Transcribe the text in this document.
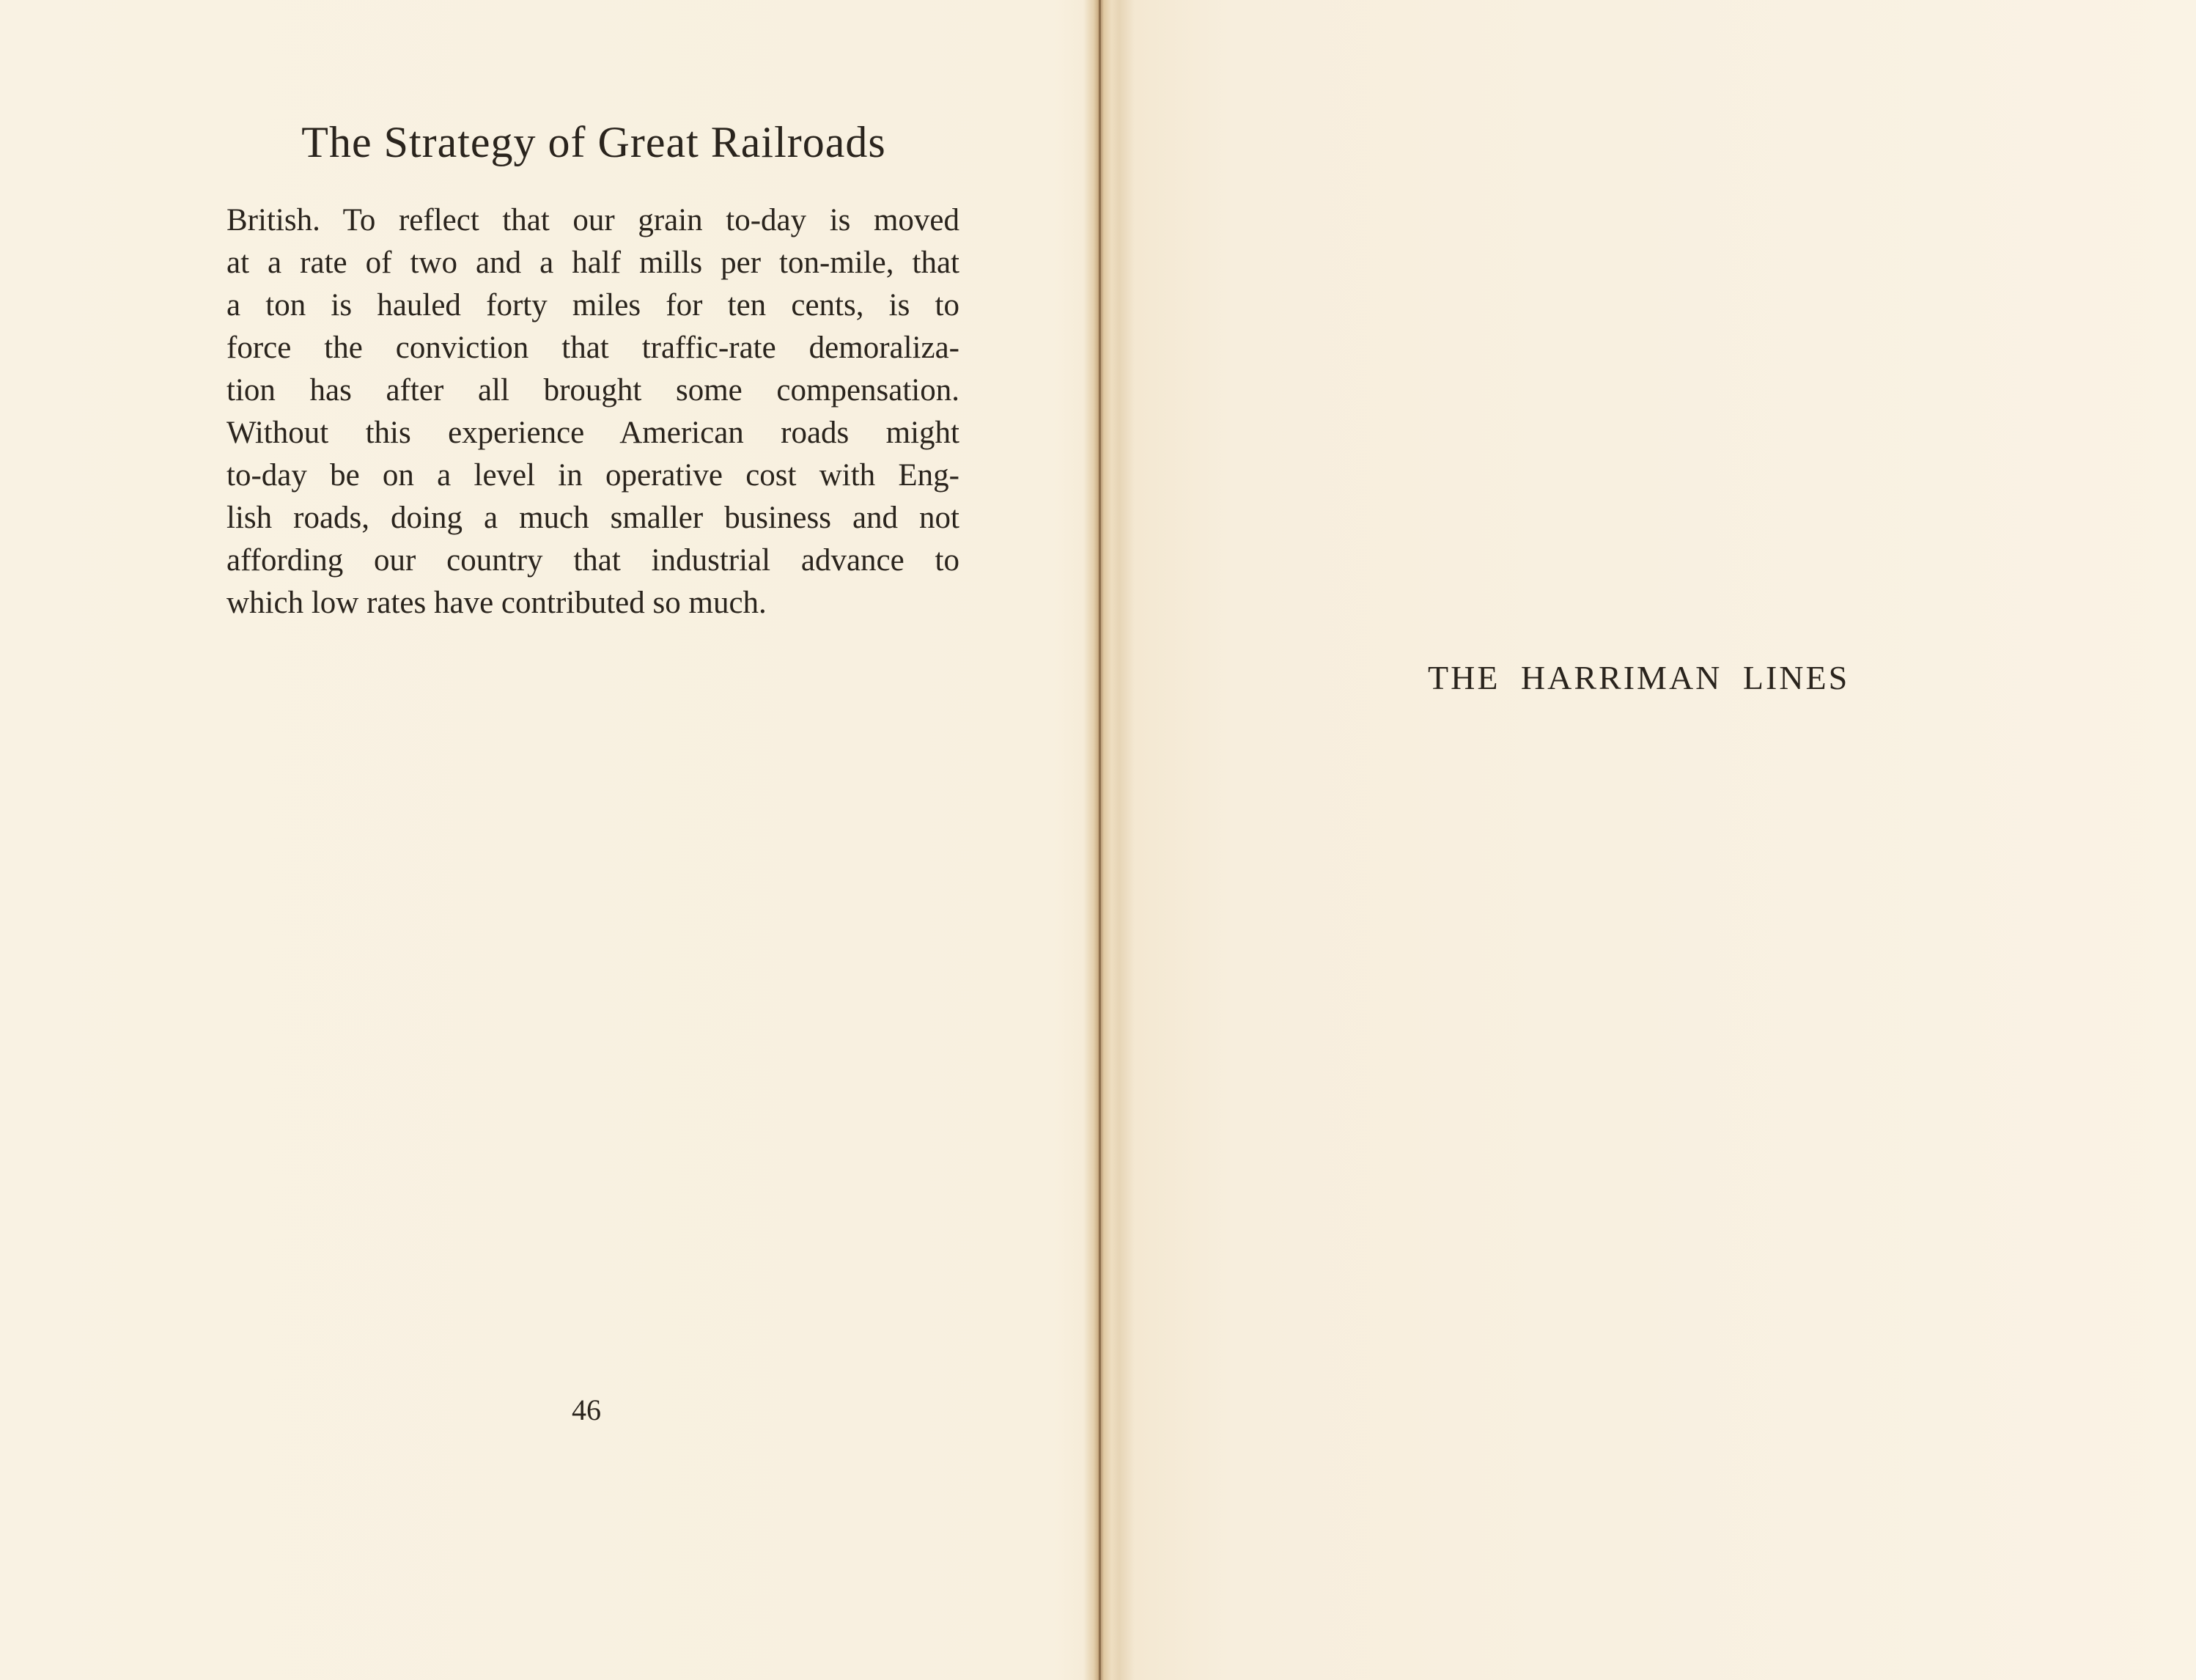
The Strategy of Great Railroads
British. To reflect that our grain to-day is moved
at a rate of two and a half mills per ton-mile, that
a ton is hauled forty miles for ten cents, is to
force the conviction that traffic-rate demoraliza-
tion has after all brought some compensation.
Without this experience American roads might
to-day be on a level in operative cost with Eng-
lish roads, doing a much smaller business and not
affording our country that industrial advance to
which low rates have contributed so much.
46
THE HARRIMAN LINES
